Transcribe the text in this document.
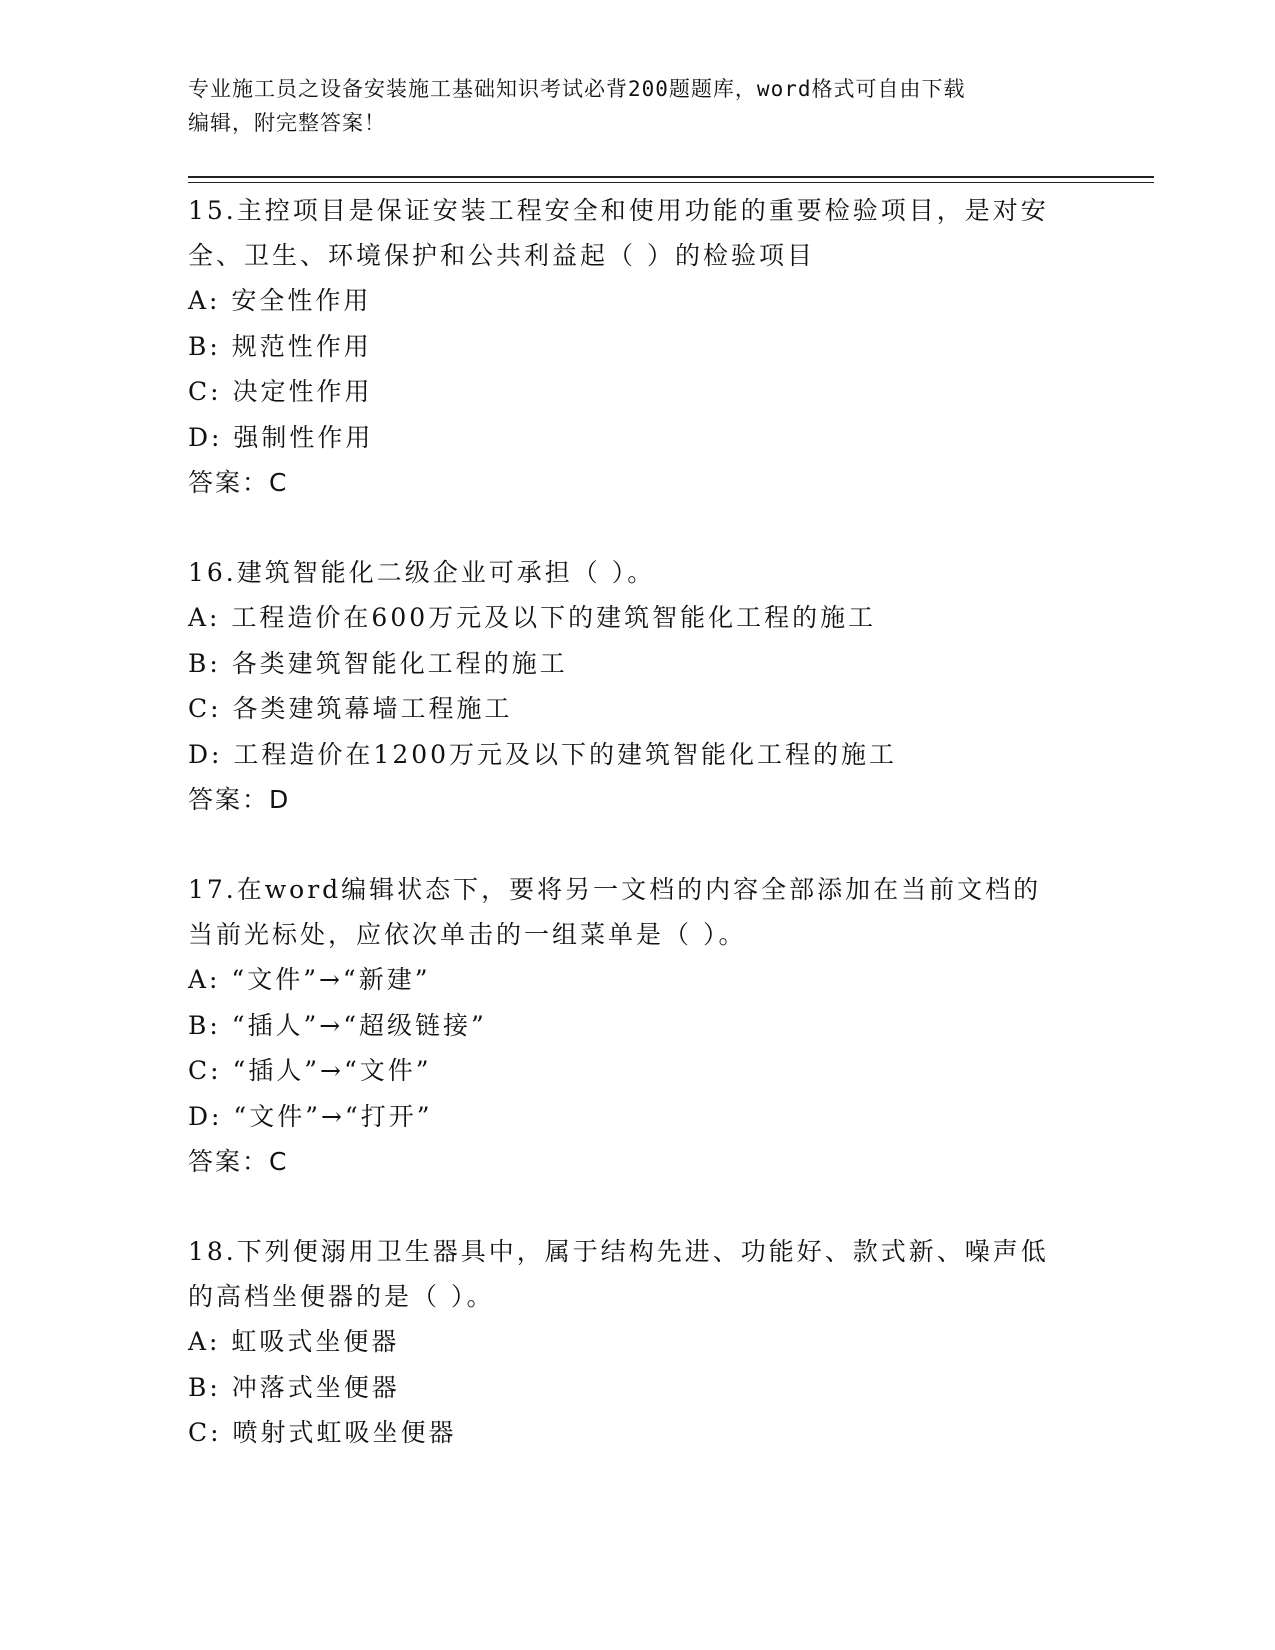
专业施工员之设备安装施工基础知识考试必背200题题库，word格式可自由下载
编辑，附完整答案！
15.主控项目是保证安装工程安全和使用功能的重要检验项目，是对安
全、卫生、环境保护和公共利益起（ ）的检验项目
A: 安全性作用
B: 规范性作用
C: 决定性作用
D: 强制性作用
答案：C
16.建筑智能化二级企业可承担（ ）。
A: 工程造价在600万元及以下的建筑智能化工程的施工
B: 各类建筑智能化工程的施工
C: 各类建筑幕墙工程施工
D: 工程造价在1200万元及以下的建筑智能化工程的施工
答案：D
17.在word编辑状态下，要将另一文档的内容全部添加在当前文档的
当前光标处，应依次单击的一组菜单是（ ）。
A: “文件”→“新建”
B: “插人”→“超级链接”
C: “插人”→“文件”
D: “文件”→“打开”
答案：C
18.下列便溺用卫生器具中，属于结构先进、功能好、款式新、噪声低
的高档坐便器的是（ ）。
A: 虹吸式坐便器
B: 冲落式坐便器
C: 喷射式虹吸坐便器
